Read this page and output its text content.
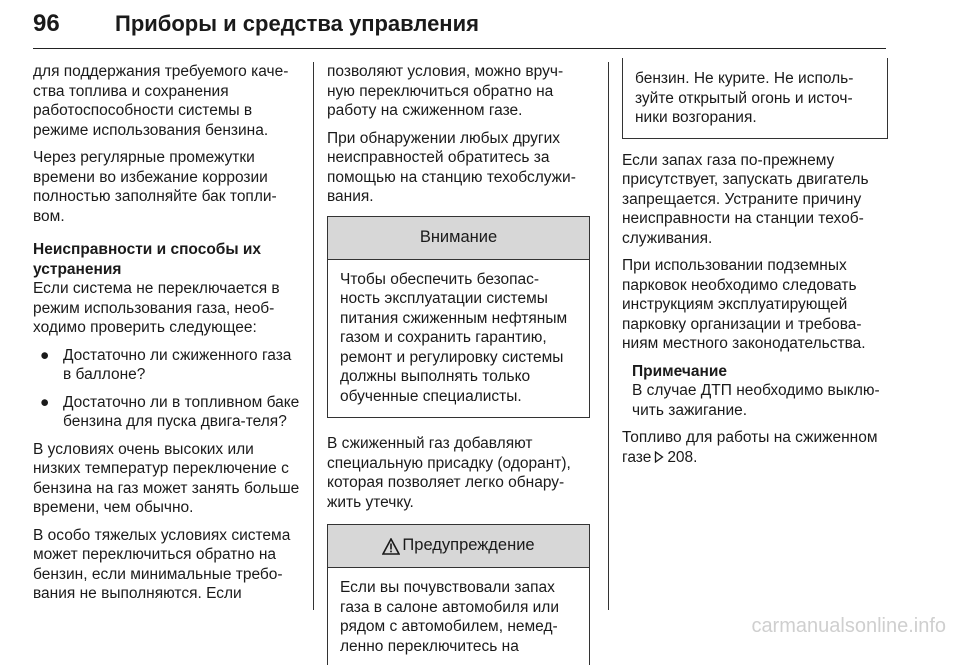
96	Приборы и средства управления

для поддержания требуемого каче-ства топлива и сохранения работоспособности системы в режиме использования бензина.

Через регулярные промежутки времени во избежание коррозии полностью заполняйте бак топли-вом.

Неисправности и способы их устранения

Если система не переключается в режим использования газа, необ-ходимо проверить следующее:

● Достаточно ли сжиженного газа в баллоне?
● Достаточно ли в топливном баке бензина для пуска двига-теля?

В условиях очень высоких или низких температур переключение с бензина на газ может занять больше времени, чем обычно.

В особо тяжелых условиях система может переключиться обратно на бензин, если минимальные требо-вания не выполняются. Если

позволяют условия, можно вруч-ную переключиться обратно на работу на сжиженном газе.

При обнаружении любых других неисправностей обратитесь за помощью на станцию техобслужи-вания.

Внимание
Чтобы обеспечить безопас-ность эксплуатации системы питания сжиженным нефтяным газом и сохранить гарантию, ремонт и регулировку системы должны выполнять только обученные специалисты.

В сжиженный газ добавляют специальную присадку (одорант), которая позволяет легко обнару-жить утечку.

Предупреждение
Если вы почувствовали запах газа в салоне автомобиля или рядом с автомобилем, немед-ленно переключитесь на
бензин. Не курите. Не исполь-зуйте открытый огонь и источ-ники возгорания.

Если запах газа по-прежнему присутствует, запускать двигатель запрещается. Устраните причину неисправности на станции техоб-служивания.

При использовании подземных парковок необходимо следовать инструкциям эксплуатирующей парковку организации и требова-ниям местного законодательства.

Примечание
В случае ДТП необходимо выклю-чить зажигание.

Топливо для работы на сжиженном газе 208.

carmanualsonline.info
